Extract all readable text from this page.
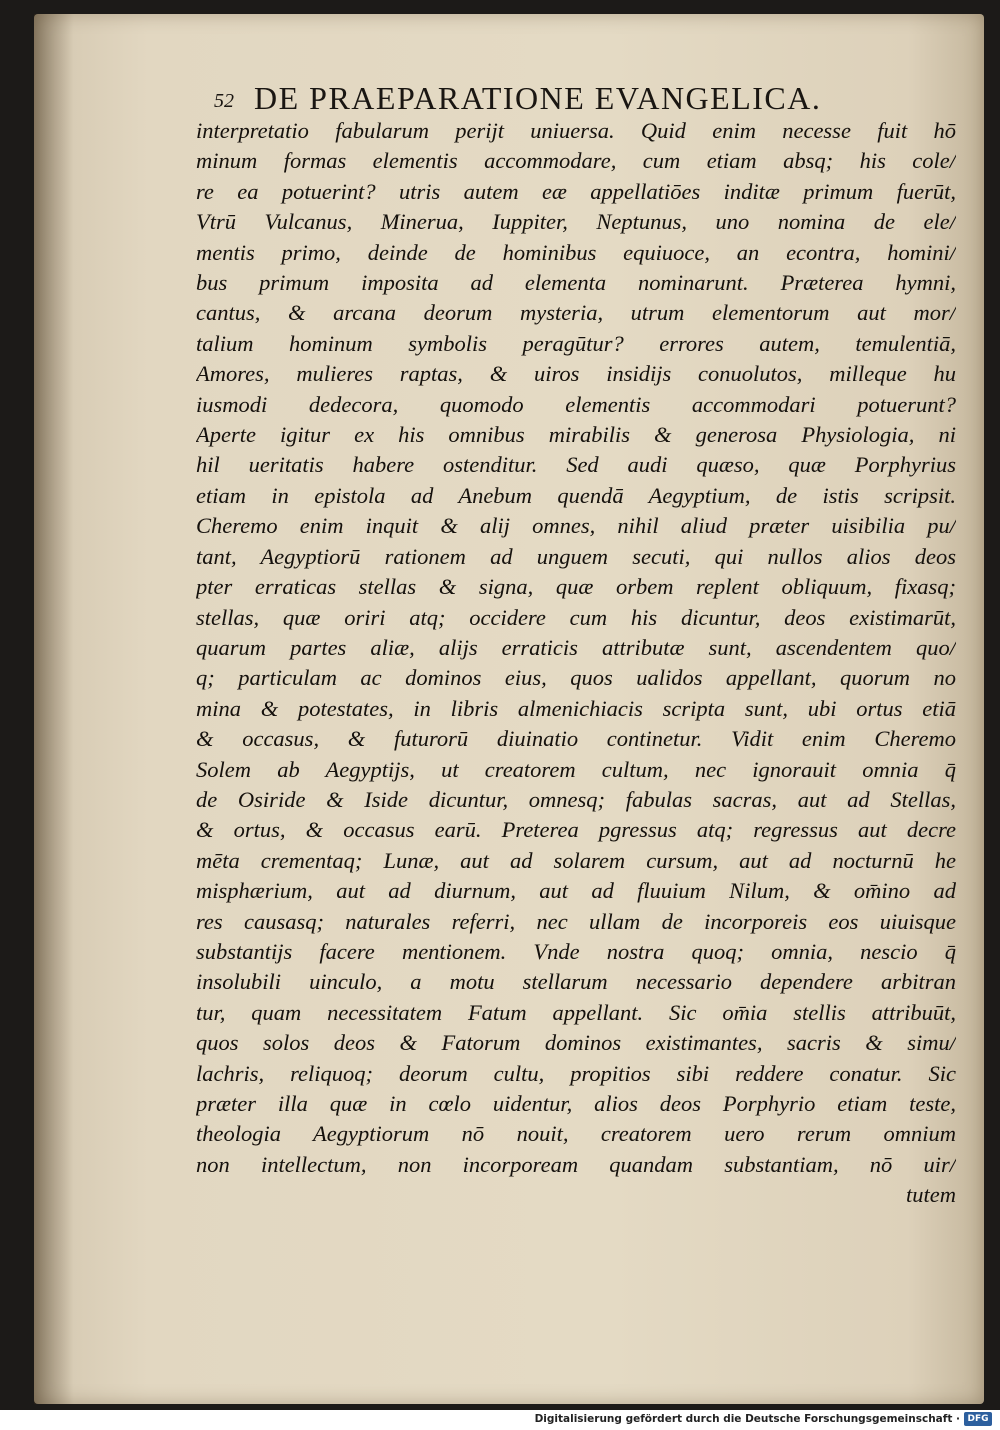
52 DE PRAEPARATIONE EVANGELICA.
interpretatio fabularum perijt uniuersa. Quid enim necesse fuit hō
minum formas elementis accommodare, cum etiam absq; his cole/
re ea potuerint? utris autem eæ appellatiōes inditæ primum fuerūt,
Vtrū Vulcanus, Minerua, Iuppiter, Neptunus, uno nomina de ele/
mentis primo, deinde de hominibus equiuoce, an econtra, homini/
bus primum imposita ad elementa nominarunt. Præterea hymni,
cantus, & arcana deorum mysteria, utrum elementorum aut mor/
talium hominum symbolis peragūtur? errores autem, temulentiā,
Amores, mulieres raptas, & uiros insidijs conuolutos, milleque hu
iusmodi dedecora, quomodo elementis accommodari potuerunt?
Aperte igitur ex his omnibus mirabilis & generosa Physiologia, ni
hil ueritatis habere ostenditur. Sed audi quæso, quæ Porphyrius
etiam in epistola ad Anebum quendā Aegyptium, de istis scripsit.
Cheremo enim inquit & alij omnes, nihil aliud præter uisibilia pu/
tant, Aegyptiorū rationem ad unguem secuti, qui nullos alios deos
pter erraticas stellas & signa, quæ orbem replent obliquum, fixasq;
stellas, quæ oriri atq; occidere cum his dicuntur, deos existimarūt,
quarum partes aliæ, alijs erraticis attributæ sunt, ascendentem quo/
q; particulam ac dominos eius, quos ualidos appellant, quorum no
mina & potestates, in libris almenichiacis scripta sunt, ubi ortus etiā
& occasus, & futurorū diuinatio continetur. Vidit enim Cheremo
Solem ab Aegyptijs, ut creatorem cultum, nec ignorauit omnia q̄
de Osiride & Iside dicuntur, omnesq; fabulas sacras, aut ad Stellas,
& ortus, & occasus earū. Preterea pgressus atq; regressus aut decre
mēta crementaq; Lunæ, aut ad solarem cursum, aut ad nocturnū he
misphærium, aut ad diurnum, aut ad fluuium Nilum, & om̄ino ad
res causasq; naturales referri, nec ullam de incorporeis eos uiuisque
substantijs facere mentionem. Vnde nostra quoq; omnia, nescio q̄
insolubili uinculo, a motu stellarum necessario dependere arbitran
tur, quam necessitatem Fatum appellant. Sic om̄ia stellis attribuūt,
quos solos deos & Fatorum dominos existimantes, sacris & simu/
lachris, reliquoq; deorum cultu, propitios sibi reddere conatur. Sic
præter illa quæ in cœlo uidentur, alios deos Porphyrio etiam teste,
theologia Aegyptiorum nō nouit, creatorem uero rerum omnium
non intellectum, non incorpoream quandam substantiam, nō uir/
tutem
Digitalisierung gefördert durch die Deutsche Forschungsgemeinschaft · DFG
